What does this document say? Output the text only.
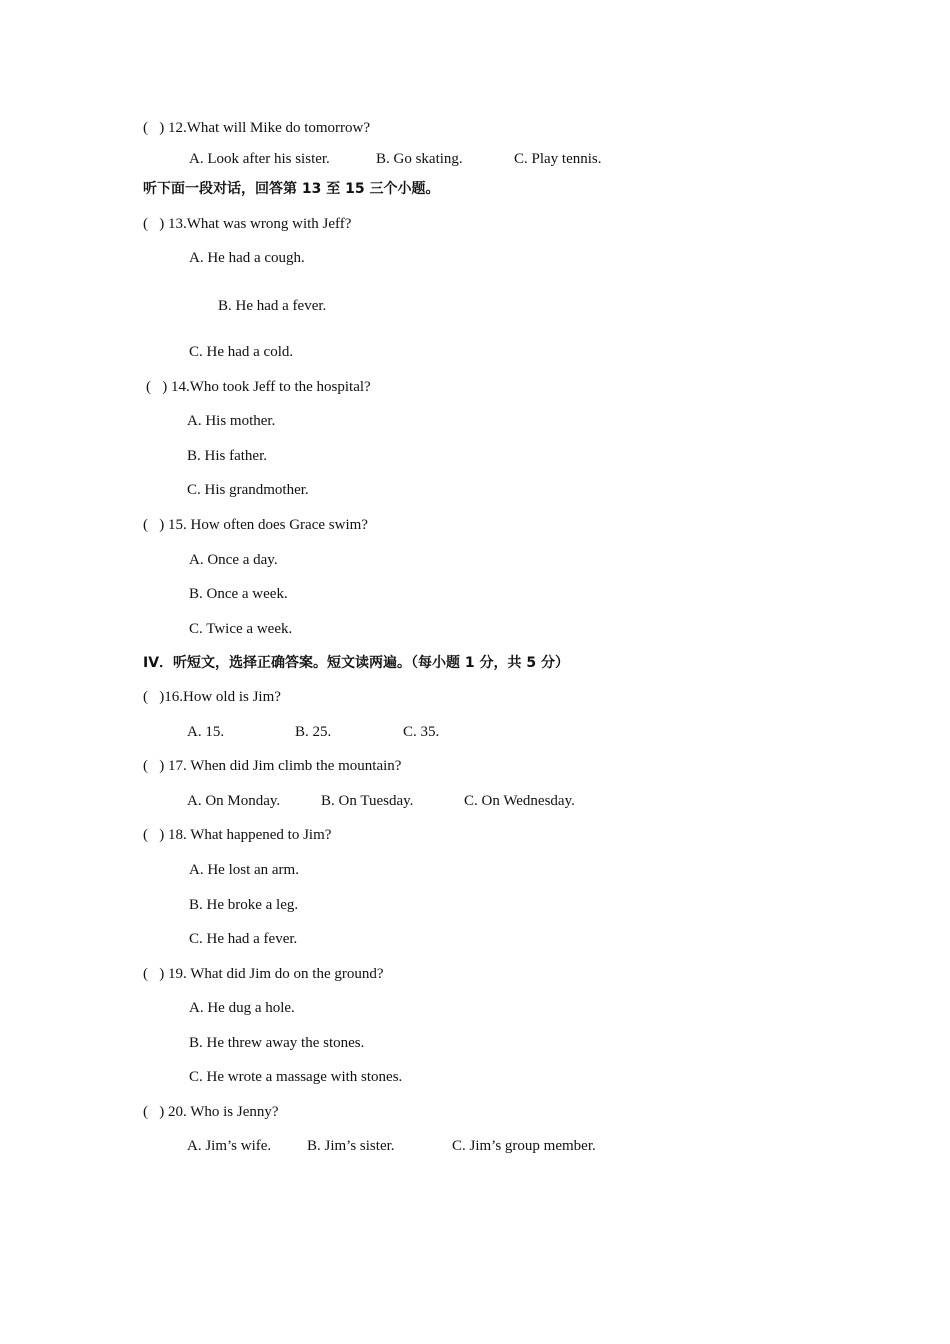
(   ) 12.What will Mike do tomorrow?
A. Look after his sister.	B. Go skating.	C. Play tennis.
听下面一段对话，回答第 13 至 15 三个小题。
(   ) 13.What was wrong with Jeff?
A. He had a cough.
B. He had a fever.
C. He had a cold.
(   ) 14.Who took Jeff to the hospital?
A. His mother.
B. His father.
C. His grandmother.
(   ) 15. How often does Grace swim?
A. Once a day.
B. Once a week.
C. Twice a week.
IV．听短文，选择正确答案。短文读两遍。（每小题 1 分，共 5 分）
(   )16.How old is Jim?
A. 15.	B. 25.	C. 35.
(   ) 17. When did Jim climb the mountain?
A. On Monday.	B. On Tuesday.	C. On Wednesday.
(   ) 18. What happened to Jim?
A. He lost an arm.
B. He broke a leg.
C. He had a fever.
(   ) 19. What did Jim do on the ground?
A. He dug a hole.
B. He threw away the stones.
C. He wrote a massage with stones.
(   ) 20. Who is Jenny?
A. Jim’s wife. B. Jim’s sister.	C. Jim’s group member.
